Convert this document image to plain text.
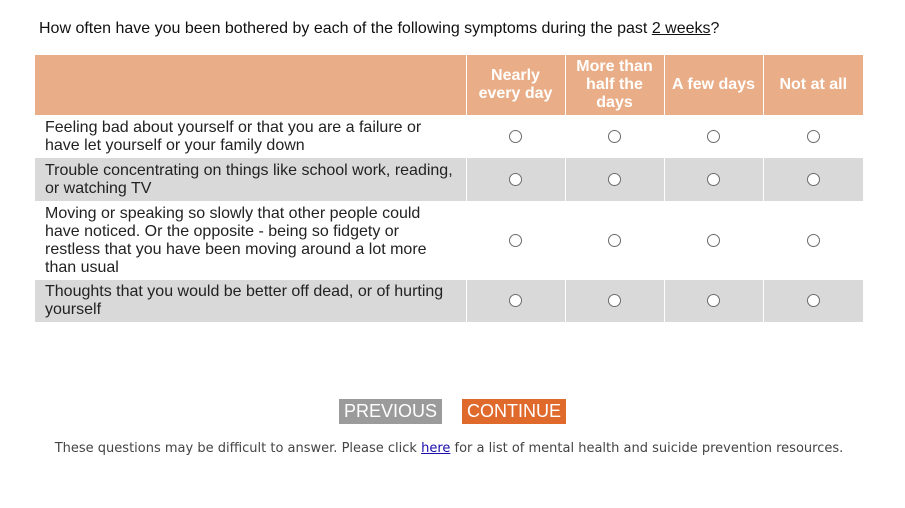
How often have you been bothered by each of the following symptoms during the past 2 weeks?
	Nearly every day	More than half the days	A few days	Not at all
Feeling bad about yourself or that you are a failure or have let yourself or your family down				
Trouble concentrating on things like school work, reading, or watching TV				
Moving or speaking so slowly that other people could have noticed. Or the opposite - being so fidgety or restless that you have been moving around a lot more than usual				
Thoughts that you would be better off dead, or of hurting yourself				
PREVIOUS CONTINUE
These questions may be difficult to answer. Please click here for a list of mental health and suicide prevention resources.
